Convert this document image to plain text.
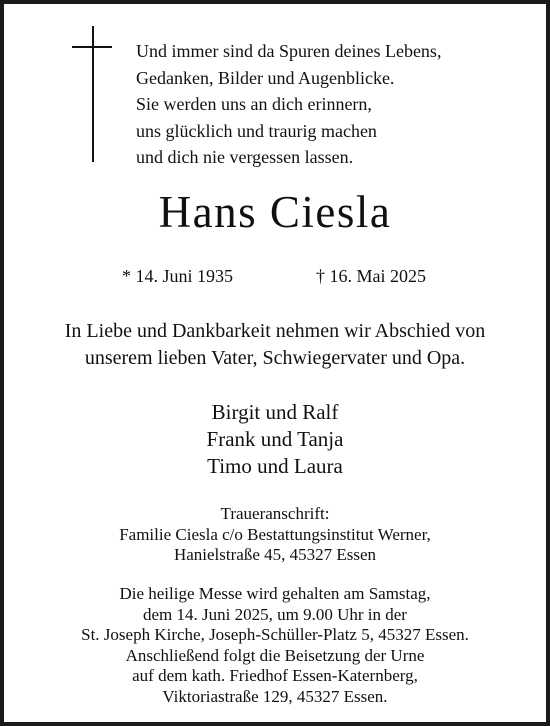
Und immer sind da Spuren deines Lebens,
Gedanken, Bilder und Augenblicke.
Sie werden uns an dich erinnern,
uns glücklich und traurig machen
und dich nie vergessen lassen.
Hans Ciesla
* 14. Juni 1935	† 16. Mai 2025
In Liebe und Dankbarkeit nehmen wir Abschied von
unserem lieben Vater, Schwiegervater und Opa.
Birgit und Ralf
Frank und Tanja
Timo und Laura
Traueranschrift:
Familie Ciesla c/o Bestattungsinstitut Werner,
Hanielstraße 45, 45327 Essen
Die heilige Messe wird gehalten am Samstag,
dem 14. Juni 2025, um 9.00 Uhr in der
St. Joseph Kirche, Joseph-Schüller-Platz 5, 45327 Essen.
Anschließend folgt die Beisetzung der Urne
auf dem kath. Friedhof Essen-Katernberg,
Viktoriastraße 129, 45327 Essen.
